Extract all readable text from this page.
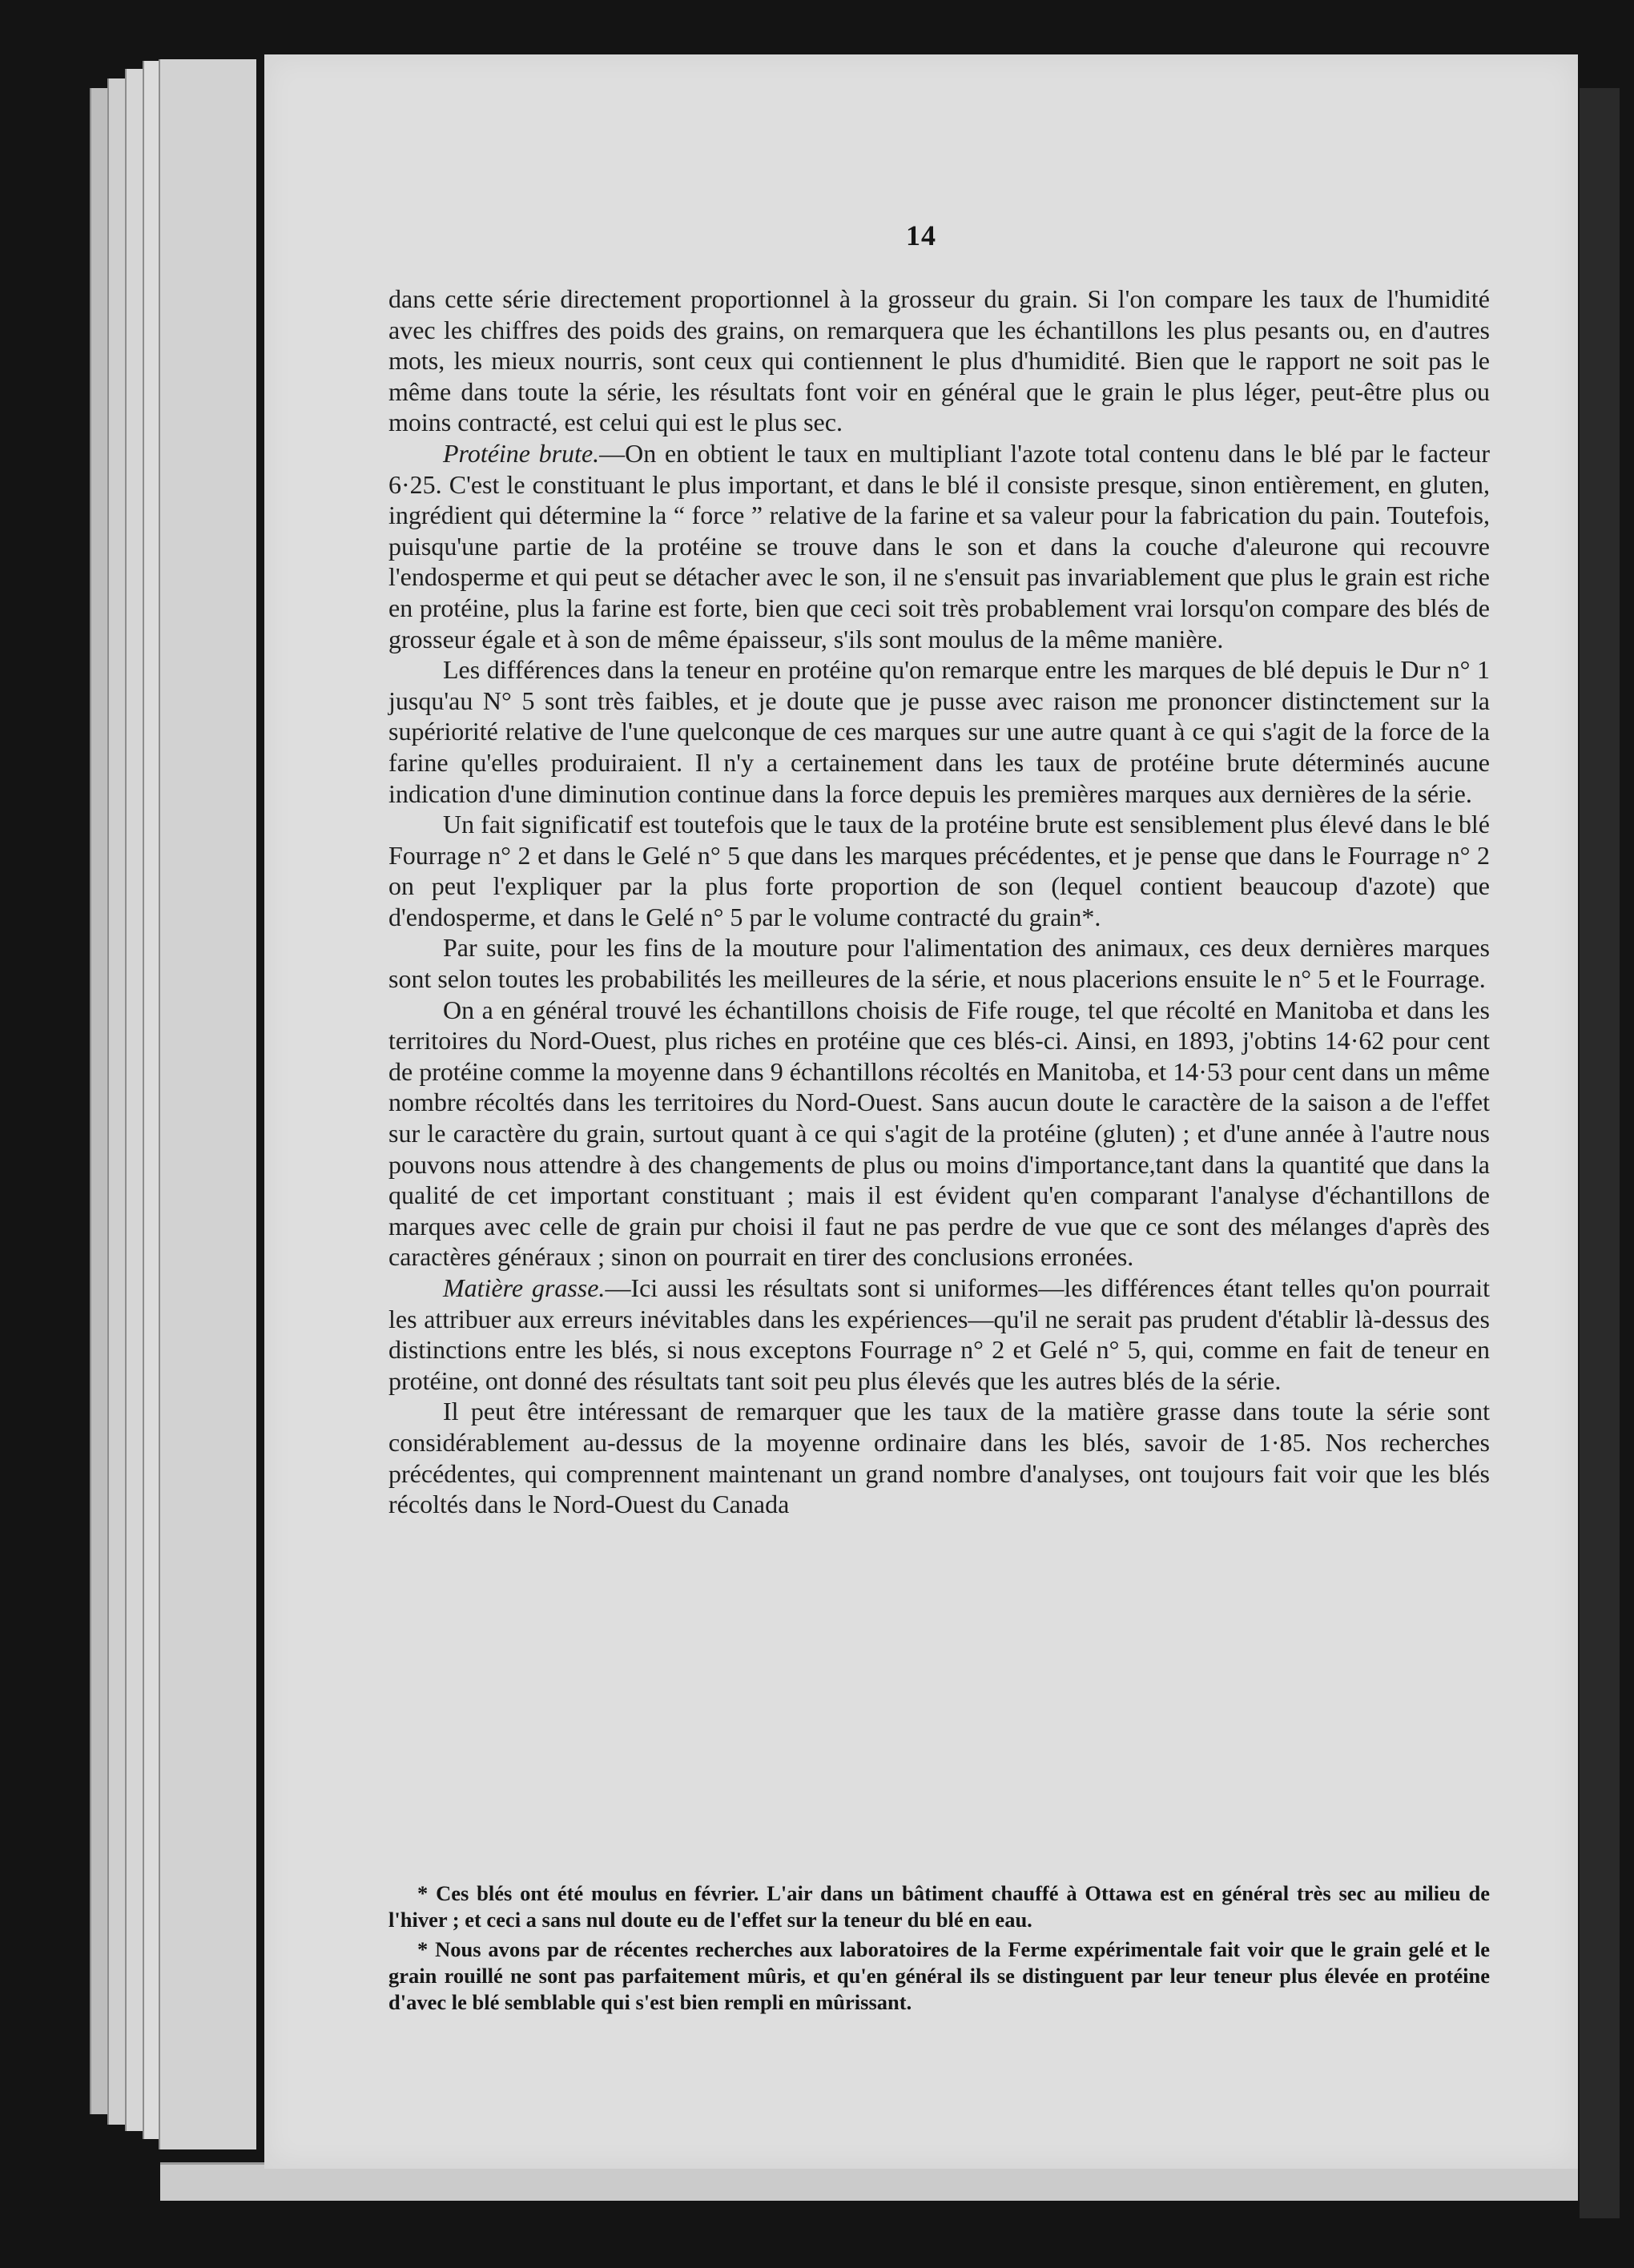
14

dans cette série directement proportionnel à la grosseur du grain. Si l'on compare les taux de l'humidité avec les chiffres des poids des grains, on remarquera que les échantillons les plus pesants ou, en d'autres mots, les mieux nourris, sont ceux qui contiennent le plus d'humidité. Bien que le rapport ne soit pas le même dans toute la série, les résultats font voir en général que le grain le plus léger, peut-être plus ou moins contracté, est celui qui est le plus sec.

Protéine brute.—On en obtient le taux en multipliant l'azote total contenu dans le blé par le facteur 6·25. C'est le constituant le plus important, et dans le blé il consiste presque, sinon entièrement, en gluten, ingrédient qui détermine la “ force ” relative de la farine et sa valeur pour la fabrication du pain. Toutefois, puisqu'une partie de la protéine se trouve dans le son et dans la couche d'aleurone qui recouvre l'endosperme et qui peut se détacher avec le son, il ne s'ensuit pas invariablement que plus le grain est riche en protéine, plus la farine est forte, bien que ceci soit très probablement vrai lorsqu'on compare des blés de grosseur égale et à son de même épaisseur, s'ils sont moulus de la même manière.

Les différences dans la teneur en protéine qu'on remarque entre les marques de blé depuis le Dur n° 1 jusqu'au N° 5 sont très faibles, et je doute que je pusse avec raison me prononcer distinctement sur la supériorité relative de l'une quelconque de ces marques sur une autre quant à ce qui s'agit de la force de la farine qu'elles produiraient. Il n'y a certainement dans les taux de protéine brute déterminés aucune indication d'une diminution continue dans la force depuis les premières marques aux dernières de la série.

Un fait significatif est toutefois que le taux de la protéine brute est sensiblement plus élevé dans le blé Fourrage n° 2 et dans le Gelé n° 5 que dans les marques précédentes, et je pense que dans le Fourrage n° 2 on peut l'expliquer par la plus forte proportion de son (lequel contient beaucoup d'azote) que d'endosperme, et dans le Gelé n° 5 par le volume contracté du grain*.

Par suite, pour les fins de la mouture pour l'alimentation des animaux, ces deux dernières marques sont selon toutes les probabilités les meilleures de la série, et nous placerions ensuite le n° 5 et le Fourrage.

On a en général trouvé les échantillons choisis de Fife rouge, tel que récolté en Manitoba et dans les territoires du Nord-Ouest, plus riches en protéine que ces blés-ci. Ainsi, en 1893, j'obtins 14·62 pour cent de protéine comme la moyenne dans 9 échantillons récoltés en Manitoba, et 14·53 pour cent dans un même nombre récoltés dans les territoires du Nord-Ouest. Sans aucun doute le caractère de la saison a de l'effet sur le caractère du grain, surtout quant à ce qui s'agit de la protéine (gluten) ; et d'une année à l'autre nous pouvons nous attendre à des changements de plus ou moins d'importance,tant dans la quantité que dans la qualité de cet important constituant ; mais il est évident qu'en comparant l'analyse d'échantillons de marques avec celle de grain pur choisi il faut ne pas perdre de vue que ce sont des mélanges d'après des caractères généraux ; sinon on pourrait en tirer des conclusions erronées.

Matière grasse.—Ici aussi les résultats sont si uniformes—les différences étant telles qu'on pourrait les attribuer aux erreurs inévitables dans les expériences—qu'il ne serait pas prudent d'établir là-dessus des distinctions entre les blés, si nous exceptons Fourrage n° 2 et Gelé n° 5, qui, comme en fait de teneur en protéine, ont donné des résultats tant soit peu plus élevés que les autres blés de la série.

Il peut être intéressant de remarquer que les taux de la matière grasse dans toute la série sont considérablement au-dessus de la moyenne ordinaire dans les blés, savoir de 1·85. Nos recherches précédentes, qui comprennent maintenant un grand nombre d'analyses, ont toujours fait voir que les blés récoltés dans le Nord-Ouest du Canada

* Ces blés ont été moulus en février. L'air dans un bâtiment chauffé à Ottawa est en général très sec au milieu de l'hiver ; et ceci a sans nul doute eu de l'effet sur la teneur du blé en eau.

* Nous avons par de récentes recherches aux laboratoires de la Ferme expérimentale fait voir que le grain gelé et le grain rouillé ne sont pas parfaitement mûris, et qu'en général ils se distinguent par leur teneur plus élevée en protéine d'avec le blé semblable qui s'est bien rempli en mûrissant.
